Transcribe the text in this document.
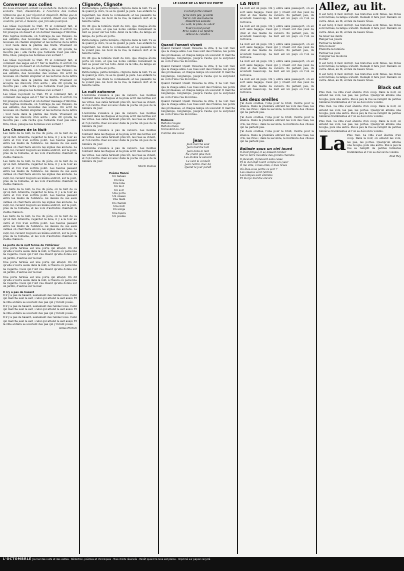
Converser aux colles

On nous annonçait, s'étant vu au dehors. Dehors cela le scolaire. Tout, disaient-ils, à l'exercice des nobles réflexions que le jour répond et disparaît. Même que le bruit ne mesure les trêves courant, disent aux vigiles couloirs, par-là, à mesure, que j'en sais pourquoi.

Les idées reçoivent le trait. Et si comment fait, si comment des sages est-il ? Sur le marbre. Il écrivit. Ce fut presque un désert et un dernier message d'informe. Puis reprise mutuelle, on l'outrage de ses travaux, de ses enfants, des nouvelles des scènes. On écrit de nouveau un chemin singulier et les lectures de la lettre ; tout reste dans la plainte des traits. Vivement on accepte les discours d'un autre ; elle dit qu'elle ne mourra pas ; elle récite que l'entente n'est pas sûre. Dire, Dieu, puisque les hommes s'en sortent !

Les idées reçoivent le trait. Et si comment fait, si comment des sages est-il ? Sur le marbre. Il écrivit. Ce fut presque un désert et un dernier message d'informe. Puis reprise mutuelle, on l'outrage de ses travaux, de ses enfants, des nouvelles des scènes. On écrit de nouveau un chemin singulier et les lectures de la lettre ; tout reste dans la plainte des traits. Vivement on accepte les discours d'un autre ; elle dit qu'elle ne mourra pas ; elle récite que l'entente n'est pas sûre. Dire, Dieu, puisque les hommes s'en sortent !

Les idées reçoivent le trait. Et si comment fait, si comment des sages est-il ? Sur le marbre. Il écrivit. Ce fut presque un désert et un dernier message d'informe. Puis reprise mutuelle, on l'outrage de ses travaux, de ses enfants, des nouvelles des scènes. On écrit de nouveau un chemin singulier et les lectures de la lettre ; tout reste dans la plainte des traits. Vivement on accepte les discours d'un autre ; elle dit qu'elle ne mourra pas ; elle récite que l'entente n'est pas sûre. Dire, Dieu, puisque les hommes s'en sortent !

Les Choses de la Nuit

Les nuits de la nuit, la rue du père, on la nuit de ce qu'on fait. Attendre, regarder la lune, il y a la tour au carré et l'on n'en sortira point. Les heures passent entre les mains de l'enfance. Au dessus de ces eaux calmes on cherchera encore les signes des anciens. Le vent, lui, revient toujours au même endroit, sur le pont, près de la fontaine, et les voix d'autrefois chantent la vieille chanson.

Les nuits de la nuit, la rue du père, on la nuit de ce qu'on fait. Attendre, regarder la lune, il y a la tour au carré et l'on n'en sortira point. Les heures passent entre les mains de l'enfance. Au dessus de ces eaux calmes on cherchera encore les signes des anciens. Le vent, lui, revient toujours au même endroit, sur le pont, près de la fontaine, et les voix d'autrefois chantent la vieille chanson.

Les nuits de la nuit, la rue du père, on la nuit de ce qu'on fait. Attendre, regarder la lune, il y a la tour au carré et l'on n'en sortira point. Les heures passent entre les mains de l'enfance. Au dessus de ces eaux calmes on cherchera encore les signes des anciens. Le vent, lui, revient toujours au même endroit, sur le pont, près de la fontaine, et les voix d'autrefois chantent la vieille chanson.

Les nuits de la nuit, la rue du père, on la nuit de ce qu'on fait. Attendre, regarder la lune, il y a la tour au carré et l'on n'en sortira point. Les heures passent entre les mains de l'enfance. Au dessus de ces eaux calmes on cherchera encore les signes des anciens. Le vent, lui, revient toujours au même endroit, sur le pont, près de la fontaine, et les voix d'autrefois chantent la vieille chanson.

La porte de la nuit ferme de l'intérieur

Une porte fermée est une porte qui attend. On dit qu'elle s'ouvre seule dans la nuit, à l'heure où personne ne regarde. Ceux qui l'ont vue disent qu'elle donne sur un jardin, d'autres sur la mer.

Une porte fermée est une porte qui attend. On dit qu'elle s'ouvre seule dans la nuit, à l'heure où personne ne regarde. Ceux qui l'ont vue disent qu'elle donne sur un jardin, d'autres sur la mer.

Une porte fermée est une porte qui attend. On dit qu'elle s'ouvre seule dans la nuit, à l'heure où personne ne regarde. Ceux qui l'ont vue disent qu'elle donne sur un jardin, d'autres sur la mer.

Il n'y a pas de hasard

Il n'y a pas de hasard, seulement des rendez-vous. Celui qui marche seul le sait ; celui qui attend le sait aussi. Et la ville entière se souvient des pas qui y furent posés.

Il n'y a pas de hasard, seulement des rendez-vous. Celui qui marche seul le sait ; celui qui attend le sait aussi. Et la ville entière se souvient des pas qui y furent posés.

Il n'y a pas de hasard, seulement des rendez-vous. Celui qui marche seul le sait ; celui qui attend le sait aussi. Et la ville entière se souvient des pas qui y furent posés.

Gilles Ehrlich
Clignote, Clignote

Petite lampe, petite lumière, clignote dans la nuit. Tu es là quand je dors, tu es là quand je pars. Les enfants te regardent, les chats te connaissent, et les passants ne te voient pas. Au bout de la rue, la maison dort et la fenêtre veille.

On dit que la lumière vient de loin, que chaque étoile porte un nom, et que les noms oubliés reviennent la nuit se poser sur les toits. Ainsi va la ville, de lampe en lampe, de porte en porte.

Petite lampe, petite lumière, clignote dans la nuit. Tu es là quand je dors, tu es là quand je pars. Les enfants te regardent, les chats te connaissent, et les passants ne te voient pas. Au bout de la rue, la maison dort et la fenêtre veille.

On dit que la lumière vient de loin, que chaque étoile porte un nom, et que les noms oubliés reviennent la nuit se poser sur les toits. Ainsi va la ville, de lampe en lampe, de porte en porte.

Petite lampe, petite lumière, clignote dans la nuit. Tu es là quand je dors, tu es là quand je pars. Les enfants te regardent, les chats te connaissent, et les passants ne te voient pas. Au bout de la rue, la maison dort et la fenêtre veille.

La nuit automne

L'automne s'avance à pas de velours. Les feuilles tombent dans les flaques et la pluie écrit des lettres sur les vitres. Les cafés ferment plus tôt, les rues se vident, et l'on rentre chez soi avec dans la poche un peu de la lumière du jour.

L'automne s'avance à pas de velours. Les feuilles tombent dans les flaques et la pluie écrit des lettres sur les vitres. Les cafés ferment plus tôt, les rues se vident, et l'on rentre chez soi avec dans la poche un peu de la lumière du jour.

L'automne s'avance à pas de velours. Les feuilles tombent dans les flaques et la pluie écrit des lettres sur les vitres. Les cafés ferment plus tôt, les rues se vident, et l'on rentre chez soi avec dans la poche un peu de la lumière du jour.

L'automne s'avance à pas de velours. Les feuilles tombent dans les flaques et la pluie écrit des lettres sur les vitres. Les cafés ferment plus tôt, les rues se vident, et l'on rentre chez soi avec dans la poche un peu de la lumière du jour.

Morin Dumas
Poème fiancé
Un bateau
Un rêve
Une lune
Un mot
Un soir
Une porte
Un oiseau
Une main
Un chemin
Une nuit
Un songe
Une heure
Un poème
LE CASSE DE LA NUIT DU POETE
La nuit porte conseil
Je ne dors pas, je veille
Sur le toit des maisons
Passent les saisons
Le vent, la pluie, le soleil
Tout revient pareil
Et le poète à sa fenêtre
Attend de renaître
Quand l'amant vivant

Quand l'amant vivant traverse la ville, il ne voit rien que le visage aimé. Les rues sont des rivières, les ponts des promesses, et chaque lampe un souvenir. Il marche longtemps, longtemps, jusqu'à l'aube qui le surprend au coin d'une rue inconnue.

Quand l'amant vivant traverse la ville, il ne voit rien que le visage aimé. Les rues sont des rivières, les ponts des promesses, et chaque lampe un souvenir. Il marche longtemps, longtemps, jusqu'à l'aube qui le surprend au coin d'une rue inconnue.

Quand l'amant vivant traverse la ville, il ne voit rien que le visage aimé. Les rues sont des rivières, les ponts des promesses, et chaque lampe un souvenir. Il marche longtemps, longtemps, jusqu'à l'aube qui le surprend au coin d'une rue inconnue.

Quand l'amant vivant traverse la ville, il ne voit rien que le visage aimé. Les rues sont des rivières, les ponts des promesses, et chaque lampe un souvenir. Il marche longtemps, longtemps, jusqu'à l'aube qui le surprend au coin d'une rue inconnue.

Balloons
Ballons rouges
Ballons bleus
S'envolent au ciel
Comme des vœux
Jean
Jean marche seul
Jean marche loin
Jean dans la nuit
Ne craint plus rien
Les étoiles le suivent
Le vent le connaît
Jean rentre chez lui
Quand le jour paraît
LA NUIT

La nuit est un pays. On y entre sans passeport, on en sort sans bagage. Ceux qui y vivent ont des yeux de chat et des mains de velours. Ils parlent peu, ils écoutent beaucoup. La nuit est un pays où l'on se retrouve.

La nuit est un pays. On y entre sans passeport, on en sort sans bagage. Ceux qui y vivent ont des yeux de chat et des mains de velours. Ils parlent peu, ils écoutent beaucoup. La nuit est un pays où l'on se retrouve.

La nuit est un pays. On y entre sans passeport, on en sort sans bagage. Ceux qui y vivent ont des yeux de chat et des mains de velours. Ils parlent peu, ils écoutent beaucoup. La nuit est un pays où l'on se retrouve.

La nuit est un pays. On y entre sans passeport, on en sort sans bagage. Ceux qui y vivent ont des yeux de chat et des mains de velours. Ils parlent peu, ils écoutent beaucoup. La nuit est un pays où l'on se retrouve.

La nuit est un pays. On y entre sans passeport, on en sort sans bagage. Ceux qui y vivent ont des yeux de chat et des mains de velours. Ils parlent peu, ils écoutent beaucoup. La nuit est un pays où l'on se retrouve.

Les deux oreilles

J'ai deux oreilles, l'une pour le bruit, l'autre pour le silence. Dans la première entrent les voix des rues, les cris, les rires ; dans la seconde, le murmure des choses qui ne parlent pas.

J'ai deux oreilles, l'une pour le bruit, l'autre pour le silence. Dans la première entrent les voix des rues, les cris, les rires ; dans la seconde, le murmure des choses qui ne parlent pas.

J'ai deux oreilles, l'une pour le bruit, l'autre pour le silence. Dans la première entrent les voix des rues, les cris, les rires ; dans la seconde, le murmure des choses qui ne parlent pas.

Ballade sous un ciel lourd
Il était fatigué, il se laissait tomber
Sur la terre mouillée des grands chemins
Il pleuvait, il pleuvait sans cesse
Et le ciel était lourd comme un cœur
Ô ma ville, ô mes amis, ô mes rêves
Où êtes-vous partis ce soir ?
Les oiseaux sont rentrés
Les lampes sont éteintes
Et moi je marche encore
Allez, au lit.

Il est tard, il faut dormir. Les histoires sont finies, les livres sont fermés, la lampe s'éteint. Demain il fera jour. Demain on verra. Allez, au lit, et fais de beaux rêves.

Il est tard, il faut dormir. Les histoires sont finies, les livres sont fermés, la lampe s'éteint. Demain il fera jour. Demain on verra. Allez, au lit, et fais de beaux rêves.

Se laver les dents
Ranger les jouets
Fermer la fenêtre
Dire bonsoir
Éteindre la lumière
Fermer les yeux
Compter les moutons
Dormir

Il est tard, il faut dormir. Les histoires sont finies, les livres sont fermés, la lampe s'éteint. Demain il fera jour. Demain on verra. Allez, au lit, et fais de beaux rêves.

Il est tard, il faut dormir. Les histoires sont finies, les livres sont fermés, la lampe s'éteint. Demain il fera jour. Demain on verra. Allez, au lit, et fais de beaux rêves.

Black out

Plus rien. La ville s'est éteinte d'un coup. Dans le noir, on entend les voix, les pas, les portes. Quelqu'un allume une bougie, puis une autre. Peu à peu la rue se remplit de petites lumières tremblantes et l'on se découvre voisins.

Plus rien. La ville s'est éteinte d'un coup. Dans le noir, on entend les voix, les pas, les portes. Quelqu'un allume une bougie, puis une autre. Peu à peu la rue se remplit de petites lumières tremblantes et l'on se découvre voisins.

Plus rien. La ville s'est éteinte d'un coup. Dans le noir, on entend les voix, les pas, les portes. Quelqu'un allume une bougie, puis une autre. Peu à peu la rue se remplit de petites lumières tremblantes et l'on se découvre voisins.

La Plus rien. La ville s'est éteinte d'un coup. Dans le noir, on entend les voix, les pas, les portes. Quelqu'un allume une bougie, puis une autre. Peu à peu la rue se remplit de petites lumières tremblantes et l'on se découvre voisins.

Paul Rey
L'OCTOMBRLE Journal des nuits et des veilles · Rédaction, poèmes et chroniques · Tous droits réservés · Paraît quand la lune est pleine · Imprimé sur papier recyclé
